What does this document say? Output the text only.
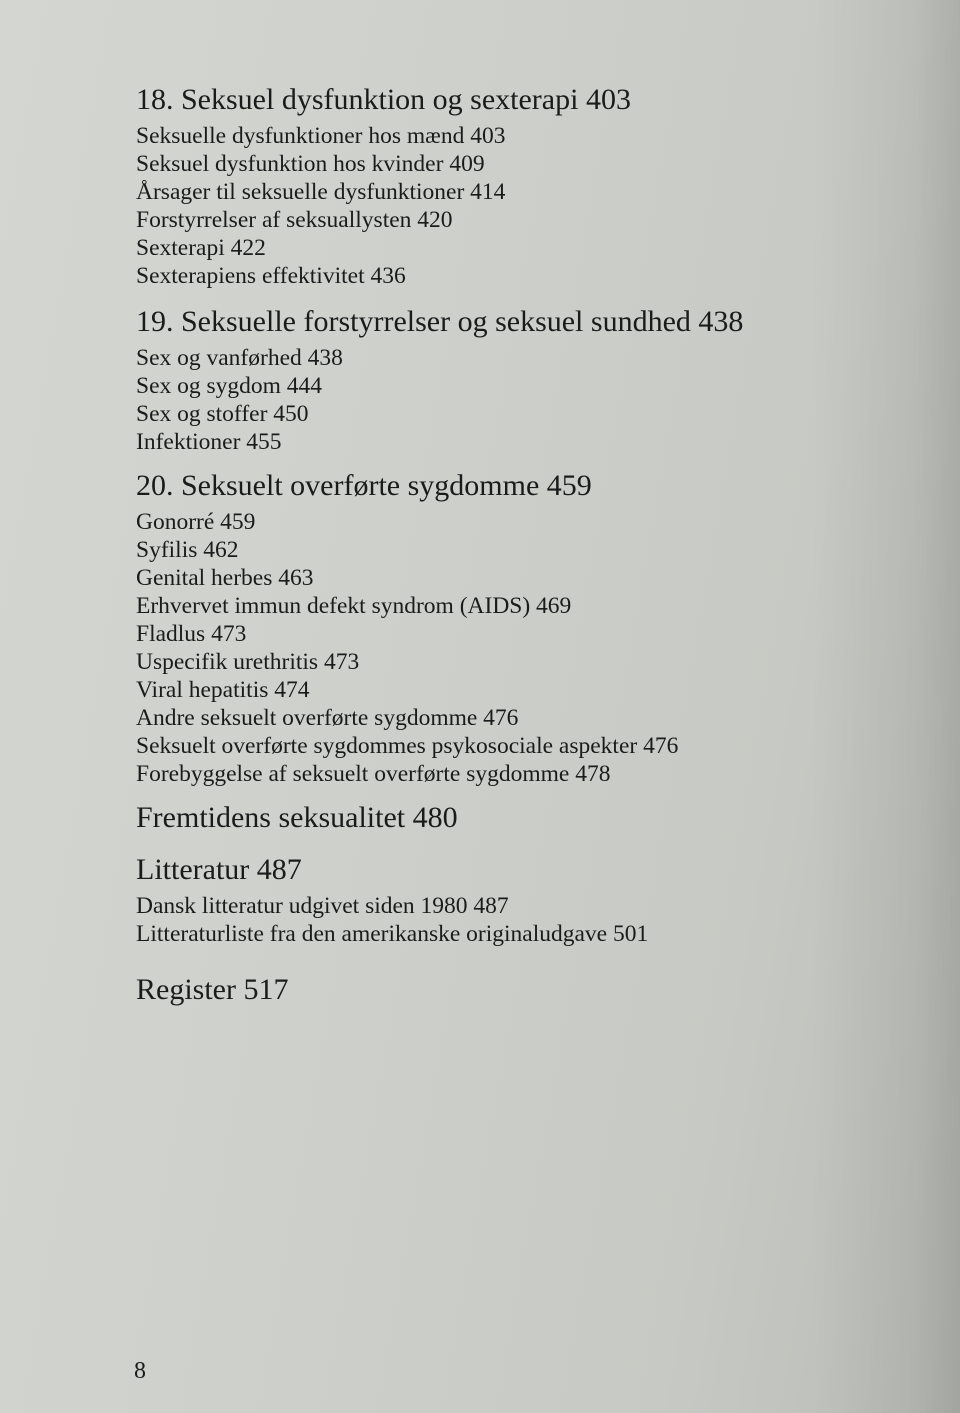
18. Seksuel dysfunktion og sexterapi 403
Seksuelle dysfunktioner hos mænd 403
Seksuel dysfunktion hos kvinder 409
Årsager til seksuelle dysfunktioner 414
Forstyrrelser af seksuallysten 420
Sexterapi 422
Sexterapiens effektivitet 436
19. Seksuelle forstyrrelser og seksuel sundhed 438
Sex og vanførhed 438
Sex og sygdom 444
Sex og stoffer 450
Infektioner 455
20. Seksuelt overførte sygdomme 459
Gonorré 459
Syfilis 462
Genital herbes 463
Erhvervet immun defekt syndrom (AIDS) 469
Fladlus 473
Uspecifik urethritis 473
Viral hepatitis 474
Andre seksuelt overførte sygdomme 476
Seksuelt overførte sygdommes psykosociale aspekter 476
Forebyggelse af seksuelt overførte sygdomme 478
Fremtidens seksualitet 480
Litteratur 487
Dansk litteratur udgivet siden 1980 487
Litteraturliste fra den amerikanske originaludgave 501
Register 517
8
